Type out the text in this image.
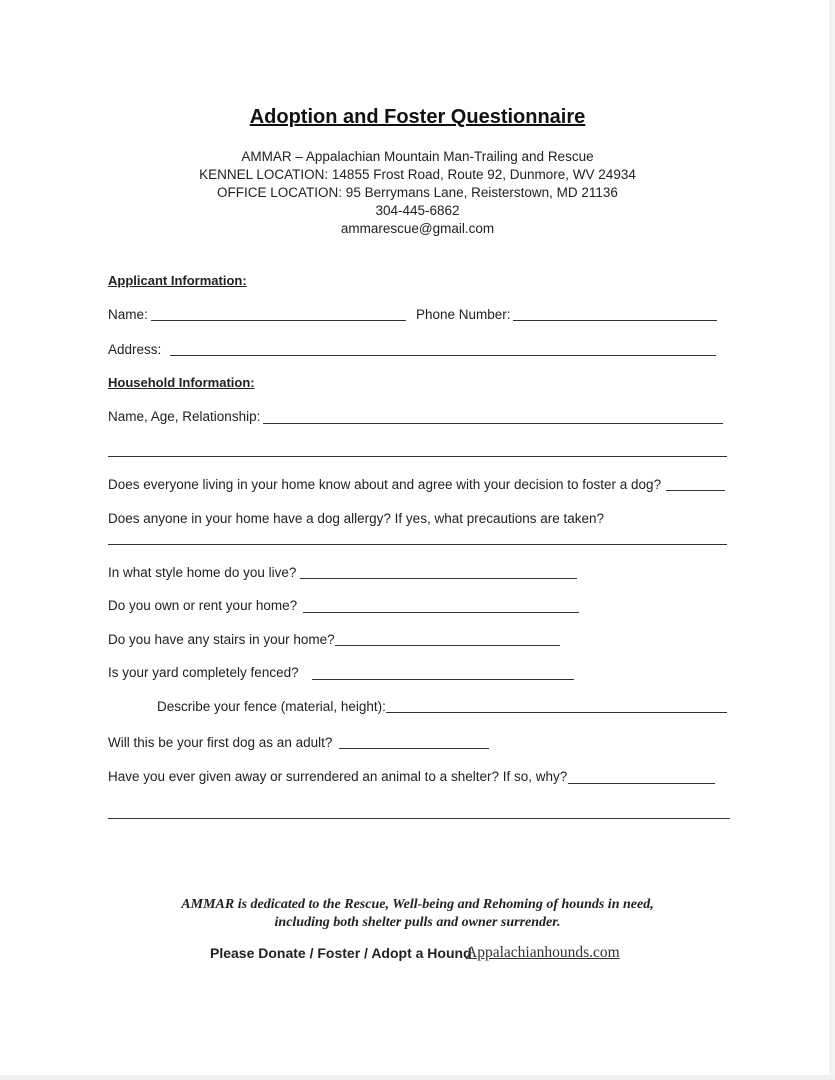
Adoption and Foster Questionnaire
AMMAR – Appalachian Mountain Man-Trailing and Rescue
KENNEL LOCATION: 14855 Frost Road, Route 92, Dunmore, WV 24934
OFFICE LOCATION: 95 Berrymans Lane, Reisterstown, MD 21136
304-445-6862
ammarescue@gmail.com
Applicant Information:
Name:	Phone Number:
Address:
Household Information:
Name, Age, Relationship:
Does everyone living in your home know about and agree with your decision to foster a dog?
Does anyone in your home have a dog allergy? If yes, what precautions are taken?
In what style home do you live?
Do you own or rent your home?
Do you have any stairs in your home?
Is your yard completely fenced?
Describe your fence (material, height):
Will this be your first dog as an adult?
Have you ever given away or surrendered an animal to a shelter? If so, why?
AMMAR is dedicated to the Rescue, Well-being and Rehoming of hounds in need,
including both shelter pulls and owner surrender.
Please Donate / Foster / Adopt a Hound
Appalachianhounds.com
